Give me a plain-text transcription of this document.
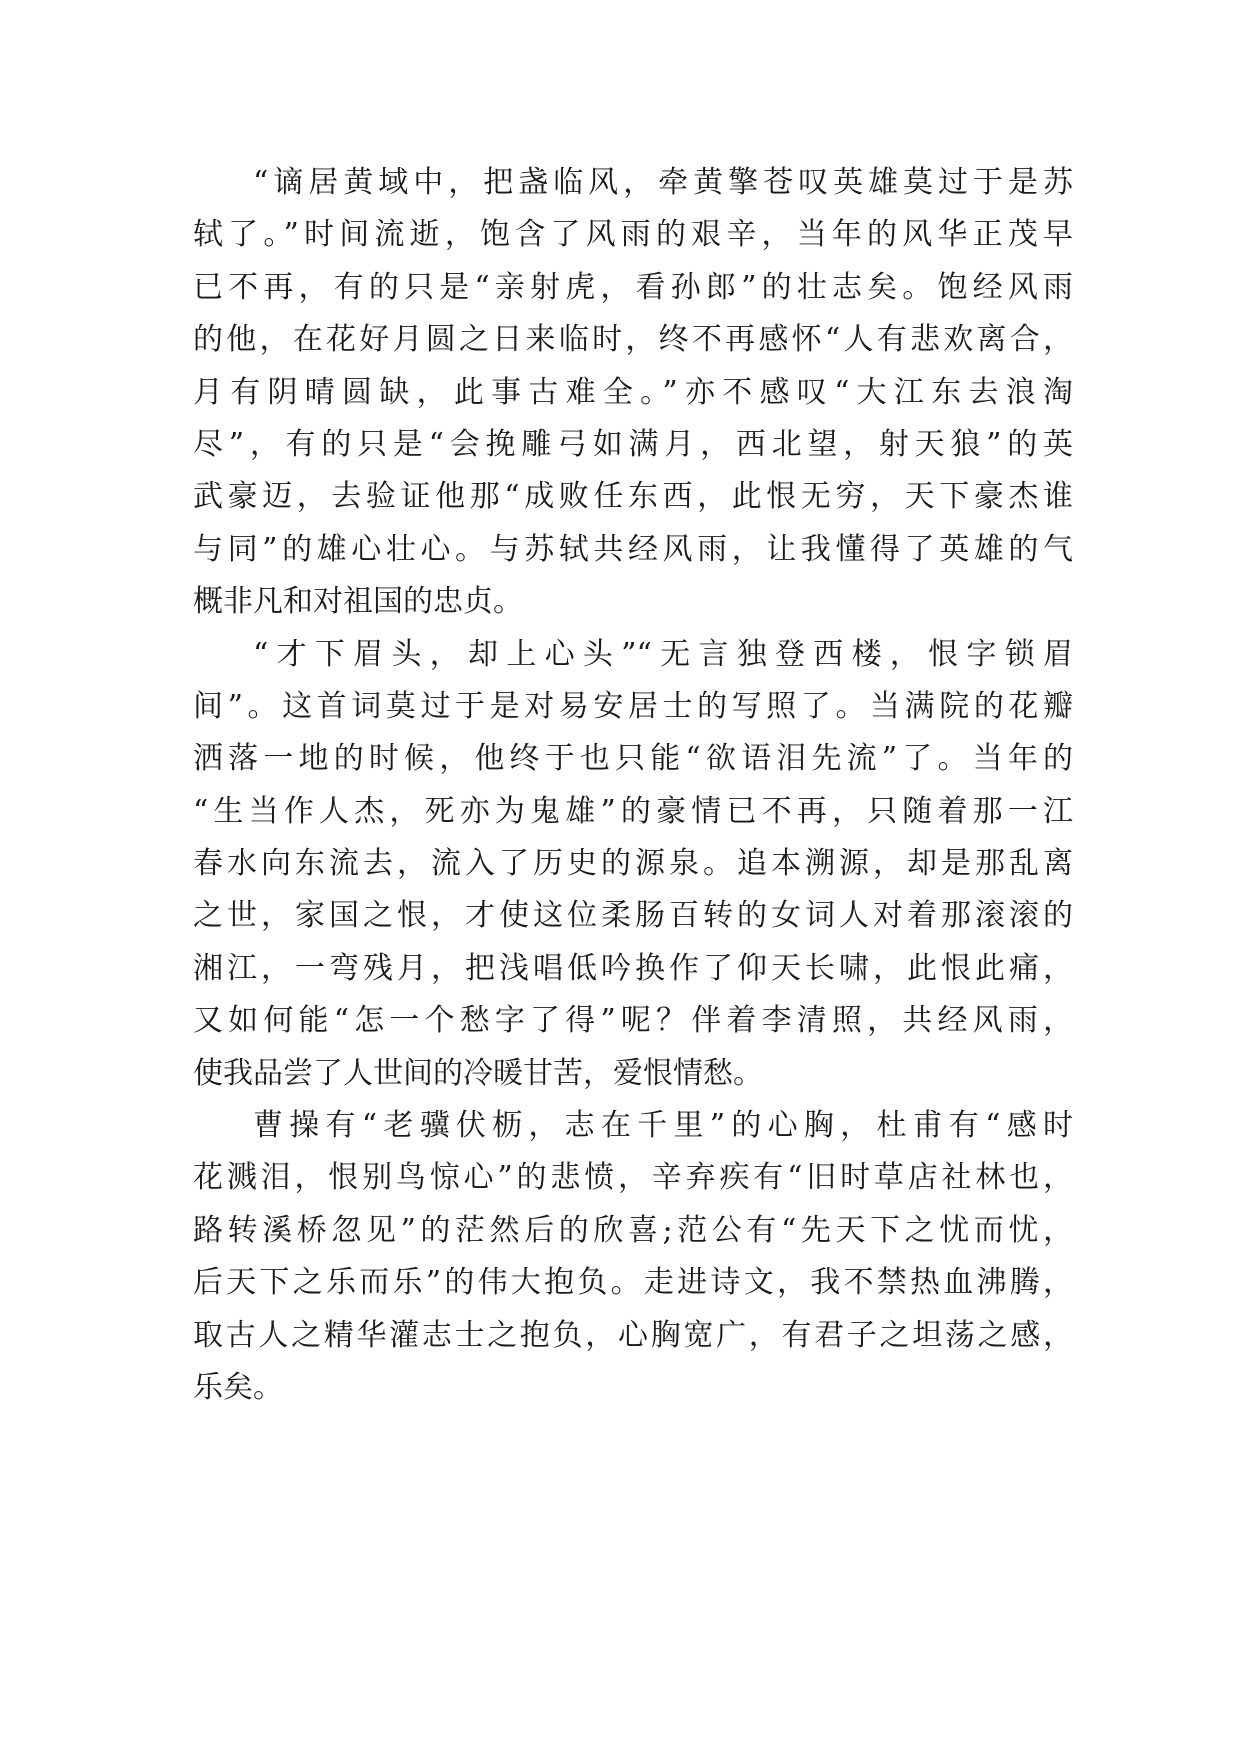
“谪居黄域中，把盏临风，牵黄擎苍叹英雄莫过于是苏
轼了。”时间流逝，饱含了风雨的艰辛，当年的风华正茂早
已不再，有的只是“亲射虎，看孙郎”的壮志矣。饱经风雨
的他，在花好月圆之日来临时，终不再感怀“人有悲欢离合，
月有阴晴圆缺，此事古难全。”亦不感叹“大江东去浪淘
尽”，有的只是“会挽雕弓如满月，西北望，射天狼”的英
武豪迈，去验证他那“成败任东西，此恨无穷，天下豪杰谁
与同”的雄心壮心。与苏轼共经风雨，让我懂得了英雄的气
概非凡和对祖国的忠贞。
“才下眉头，却上心头”“无言独登西楼，恨字锁眉
间”。这首词莫过于是对易安居士的写照了。当满院的花瓣
洒落一地的时候，他终于也只能“欲语泪先流”了。当年的
“生当作人杰，死亦为鬼雄”的豪情已不再，只随着那一江
春水向东流去，流入了历史的源泉。追本溯源，却是那乱离
之世，家国之恨，才使这位柔肠百转的女词人对着那滚滚的
湘江，一弯残月，把浅唱低吟换作了仰天长啸，此恨此痛，
又如何能“怎一个愁字了得”呢？伴着李清照，共经风雨，
使我品尝了人世间的冷暖甘苦，爱恨情愁。
曹操有“老骥伏枥，志在千里”的心胸，杜甫有“感时
花溅泪，恨别鸟惊心”的悲愤，辛弃疾有“旧时草店社林也，
路转溪桥忽见”的茫然后的欣喜;范公有“先天下之忧而忧，
后天下之乐而乐”的伟大抱负。走进诗文，我不禁热血沸腾，
取古人之精华灌志士之抱负，心胸宽广，有君子之坦荡之感，
乐矣。
